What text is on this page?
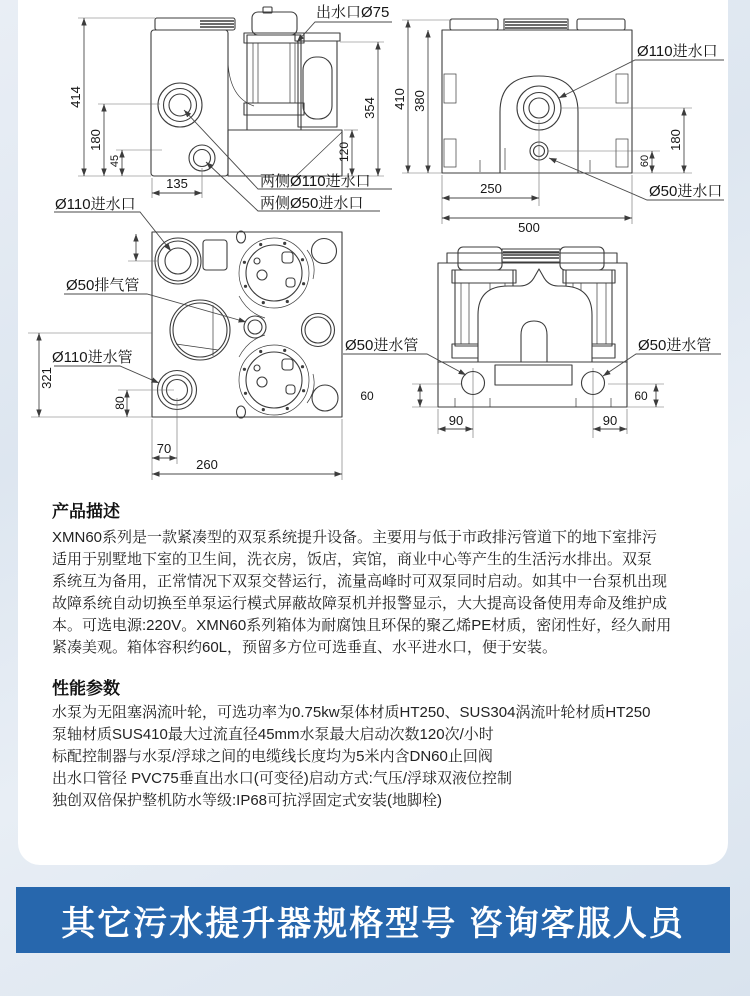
414
180
45
135
354
120
出水口Ø75
两侧Ø110进水口
两侧Ø50进水口
Ø110进水口
410 380
180
60
250
500
Ø110进水口
Ø50进水口
321
80
70
260
Ø50排气管
Ø110进水管
60	60
90	90
Ø50进水管	Ø50进水管
产品描述
XMN60系列是一款紧凑型的双泵系统提升设备。主要用与低于市政排污管道下的地下室排污
适用于别墅地下室的卫生间，洗衣房，饭店，宾馆，商业中心等产生的生活污水排出。双泵
系统互为备用，正常情况下双泵交替运行，流量高峰时可双泵同时启动。如其中一台泵机出现
故障系统自动切换至单泵运行模式屏蔽故障泵机并报警显示，大大提高设备使用寿命及维护成
本。可选电源:220V。XMN60系列箱体为耐腐蚀且环保的聚乙烯PE材质，密闭性好，经久耐用
紧凑美观。箱体容积约60L，预留多方位可选垂直、水平进水口，便于安装。
性能参数
水泵为无阻塞涡流叶轮，可选功率为0.75kw泵体材质HT250、SUS304涡流叶轮材质HT250
泵轴材质SUS410最大过流直径45mm水泵最大启动次数120次/小时
标配控制器与水泵/浮球之间的电缆线长度均为5米内含DN60止回阀
出水口管径 PVC75垂直出水口(可变径)启动方式:气压/浮球双液位控制
独创双倍保护整机防水等级:IP68可抗浮固定式安装(地脚栓)
其它污水提升器规格型号 咨询客服人员
